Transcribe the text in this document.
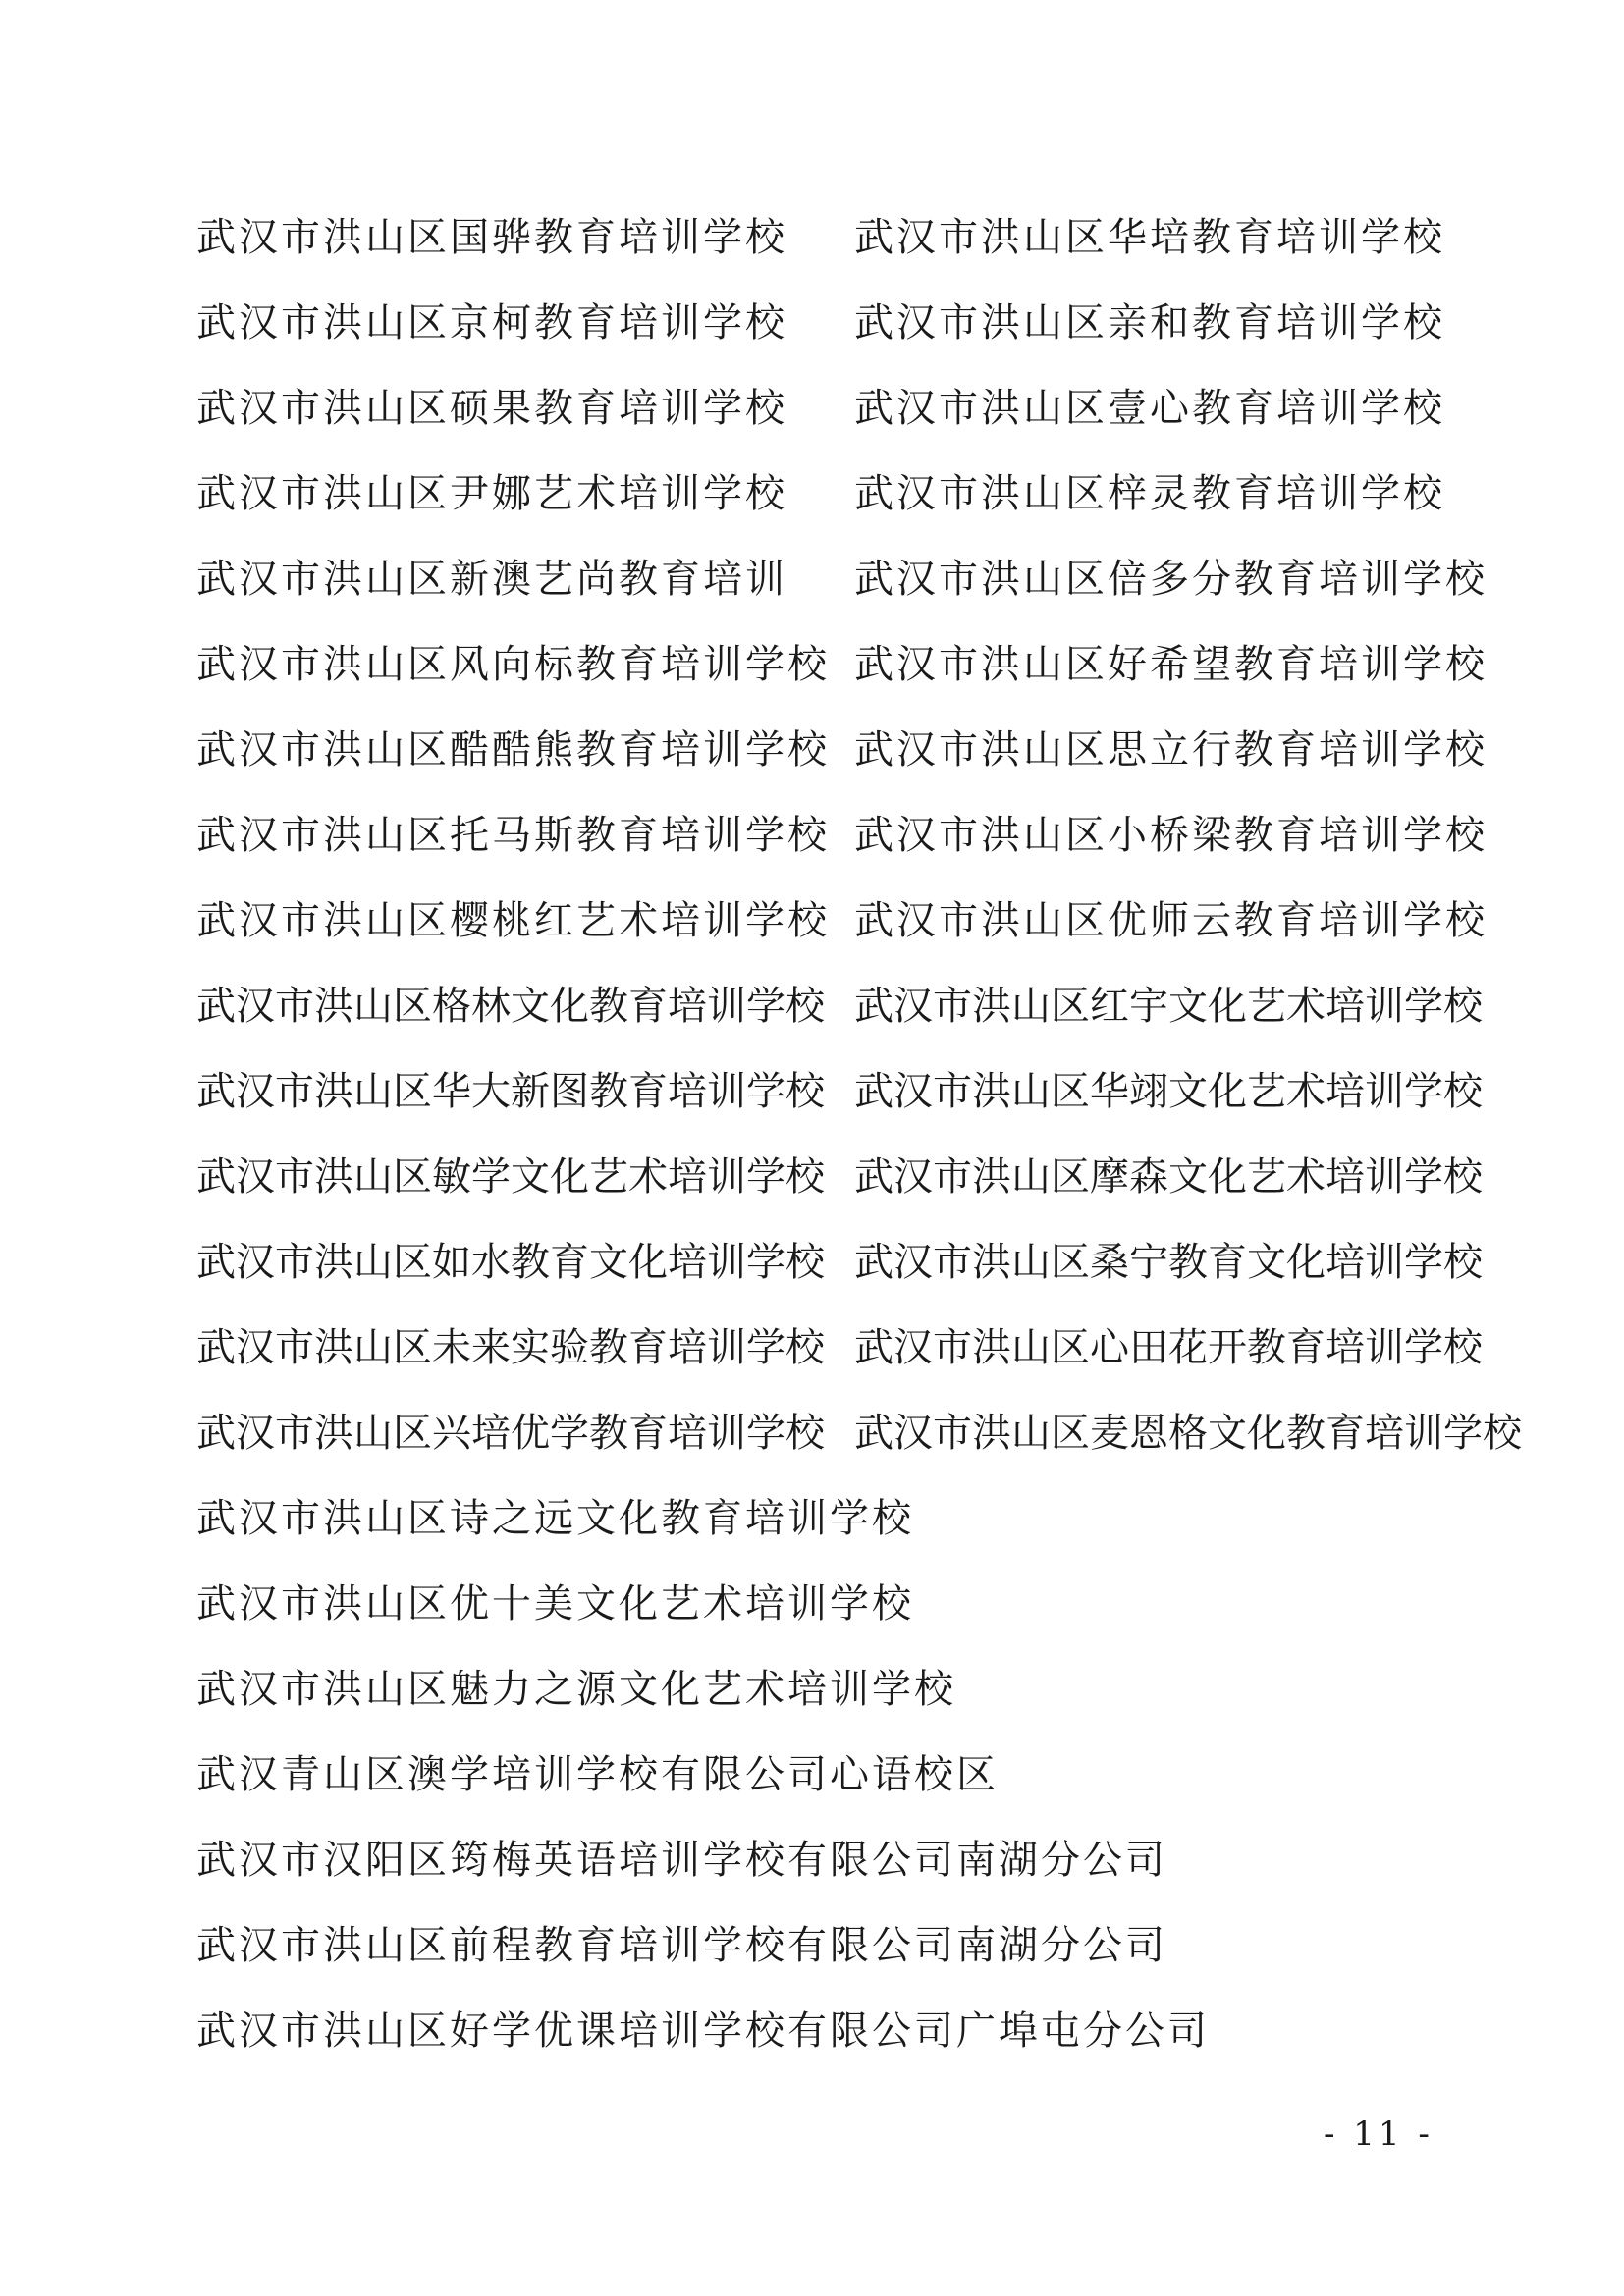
武汉市洪山区国骅教育培训学校 武汉市洪山区华培教育培训学校
武汉市洪山区京柯教育培训学校 武汉市洪山区亲和教育培训学校
武汉市洪山区硕果教育培训学校 武汉市洪山区壹心教育培训学校
武汉市洪山区尹娜艺术培训学校 武汉市洪山区梓灵教育培训学校
武汉市洪山区新澳艺尚教育培训 武汉市洪山区倍多分教育培训学校
武汉市洪山区风向标教育培训学校 武汉市洪山区好希望教育培训学校
武汉市洪山区酷酷熊教育培训学校 武汉市洪山区思立行教育培训学校
武汉市洪山区托马斯教育培训学校 武汉市洪山区小桥梁教育培训学校
武汉市洪山区樱桃红艺术培训学校 武汉市洪山区优师云教育培训学校
武汉市洪山区格林文化教育培训学校 武汉市洪山区红宇文化艺术培训学校
武汉市洪山区华大新图教育培训学校 武汉市洪山区华翊文化艺术培训学校
武汉市洪山区敏学文化艺术培训学校 武汉市洪山区摩森文化艺术培训学校
武汉市洪山区如水教育文化培训学校 武汉市洪山区桑宁教育文化培训学校
武汉市洪山区未来实验教育培训学校 武汉市洪山区心田花开教育培训学校
武汉市洪山区兴培优学教育培训学校 武汉市洪山区麦恩格文化教育培训学校
武汉市洪山区诗之远文化教育培训学校
武汉市洪山区优十美文化艺术培训学校
武汉市洪山区魅力之源文化艺术培训学校
武汉青山区澳学培训学校有限公司心语校区
武汉市汉阳区筠梅英语培训学校有限公司南湖分公司
武汉市洪山区前程教育培训学校有限公司南湖分公司
武汉市洪山区好学优课培训学校有限公司广埠屯分公司
- 11 -
